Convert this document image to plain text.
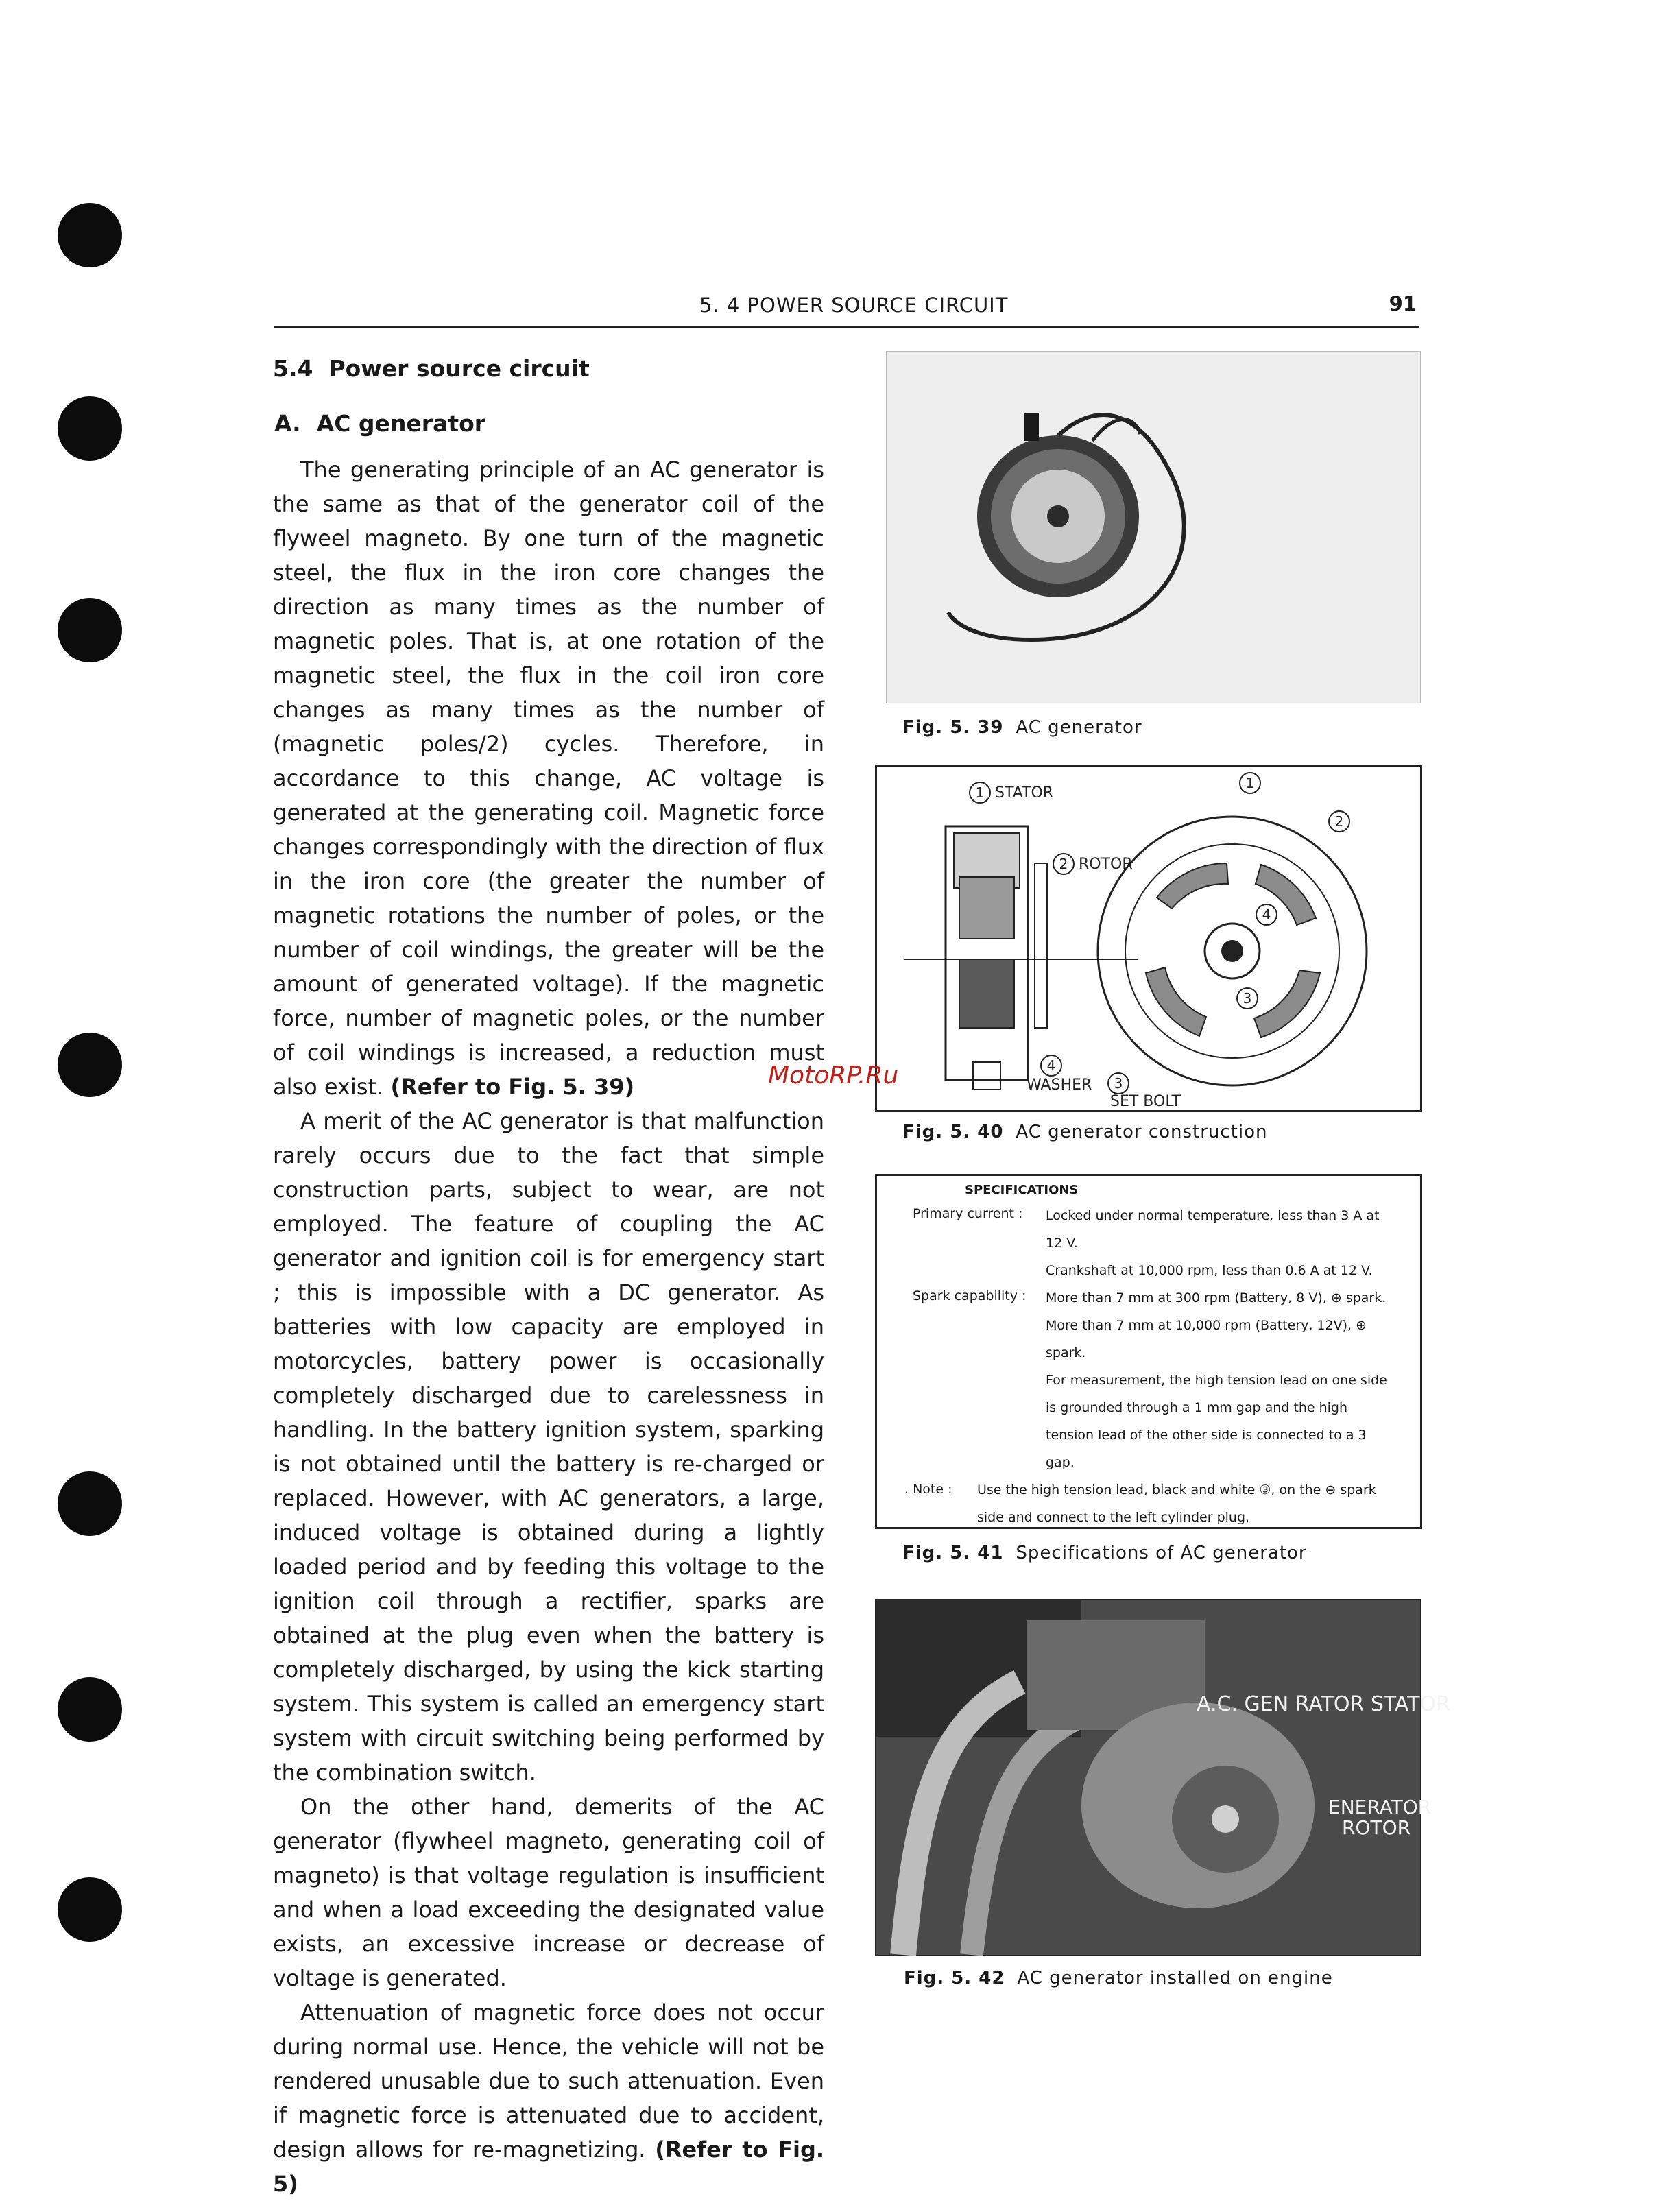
5. 4 POWER SOURCE CIRCUIT	91
5.4 Power source circuit
A. AC generator

The generating principle of an AC generator is the same as that of the generator coil of the flyweel magneto. By one turn of the magnetic steel, the flux in the iron core changes the direction as many times as the number of magnetic poles. That is, at one rotation of the magnetic steel, the flux in the coil iron core changes as many times as the number of (magnetic poles/2) cycles. Therefore, in accordance to this change, AC voltage is generated at the generating coil. Magnetic force changes correspondingly with the direction of flux in the iron core (the greater the number of magnetic rotations the number of poles, or the number of coil windings, the greater will be the amount of generated voltage). If the magnetic force, number of magnetic poles, or the number of coil windings is increased, a reduction must also exist. (Refer to Fig. 5. 39)

A merit of the AC generator is that malfunction rarely occurs due to the fact that simple construction parts, subject to wear, are not employed. The feature of coupling the AC generator and ignition coil is for emergency start ; this is impossible with a DC generator. As batteries with low capacity are employed in motorcycles, battery power is occasionally completely discharged due to carelessness in handling. In the battery ignition system, sparking is not obtained until the battery is re-charged or replaced. However, with AC generators, a large, induced voltage is obtained during a lightly loaded period and by feeding this voltage to the ignition coil through a rectifier, sparks are obtained at the plug even when the battery is completely discharged, by using the kick starting system. This system is called an emergency start system with circuit switching being performed by the combination switch.

On the other hand, demerits of the AC generator (flywheel magneto, generating coil of magneto) is that voltage regulation is insufficient and when a load exceeding the designated value exists, an excessive increase or decrease of voltage is generated.

Attenuation of magnetic force does not occur during normal use. Hence, the vehicle will not be rendered unusable due to such attenuation. Even if magnetic force is attenuated due to accident, design allows for re-magnetizing. (Refer to Fig. 5)

Fig. 5. 39 AC generator
STATOR
1
ROTOR
2
WASHER
4
SET BOLT
3
3
4
1
2
Fig. 5. 40 AC generator construction
SPECIFICATIONS
Primary current : Locked under normal temperature, less than 3 A at 12 V.
Crankshaft at 10,000 rpm, less than 0.6 A at 12 V.
Spark capability : More than 7 mm at 300 rpm (Battery, 8 V), ⊕ spark.
More than 7 mm at 10,000 rpm (Battery, 12V), ⊕ spark.
For measurement, the high tension lead on one side is grounded through a 1 mm gap and the high tension lead of the other side is connected to a 3 gap.
. Note : Use the high tension lead, black and white ③, on the ⊖ spark side and connect to the left cylinder plug.
Fig. 5. 41 Specifications of AC generator
A.C. GEN RATOR STATOR
ENERATOR
ROTOR
Fig. 5. 42 AC generator installed on engine
MotoRP.Ru
